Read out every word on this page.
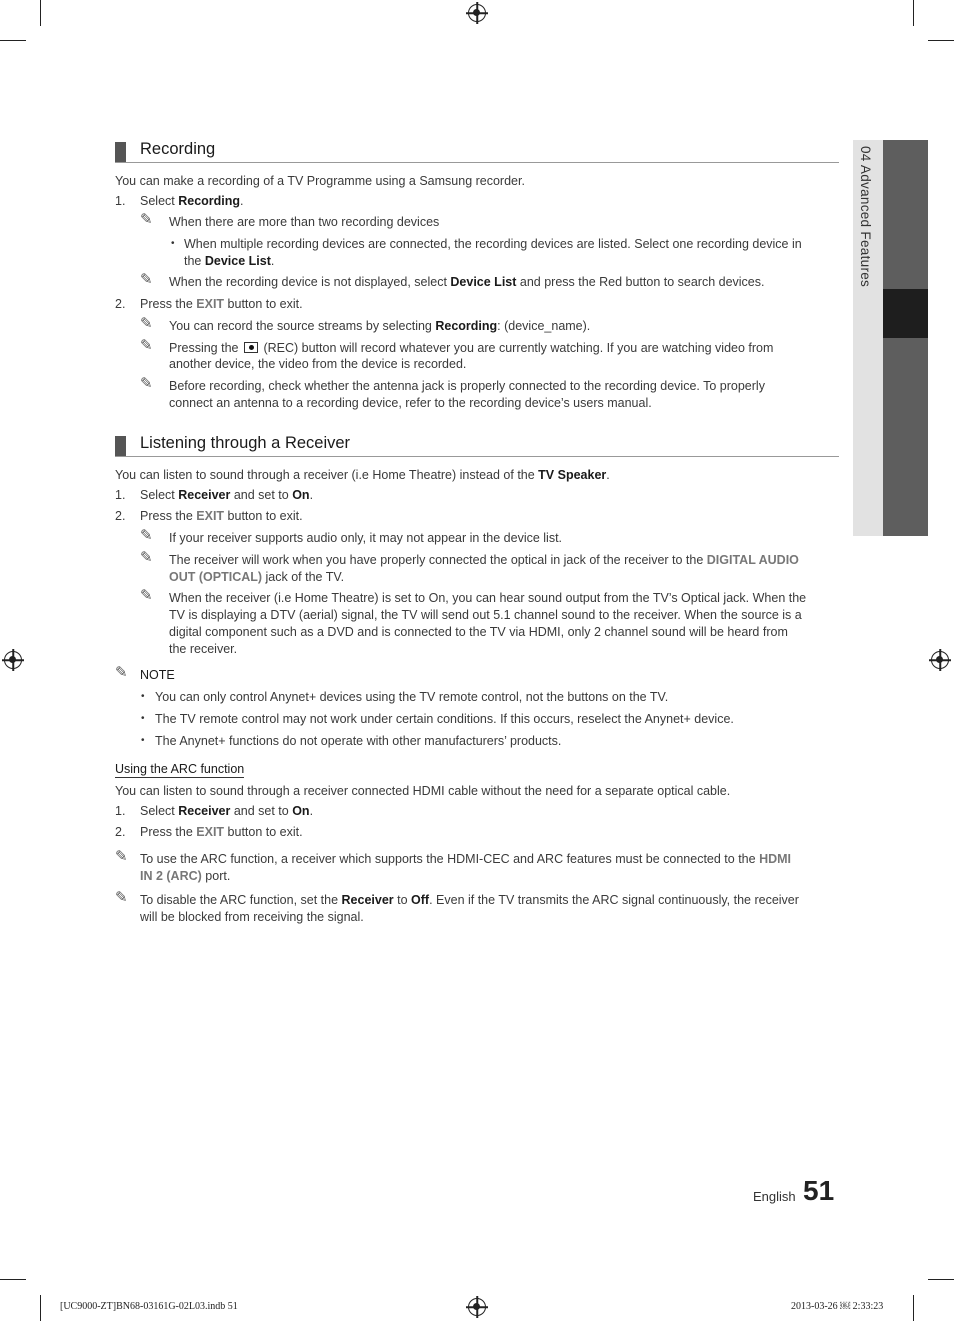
04 Advanced Features
Recording
You can make a recording of a TV Programme using a Samsung recorder.
1. Select Recording.
✎ When there are more than two recording devices
• When multiple recording devices are connected, the recording devices are listed. Select one recording device in
the Device List.
✎ When the recording device is not displayed, select Device List and press the Red button to search devices.
2. Press the EXIT button to exit.
✎ You can record the source streams by selecting Recording: (device_name).
✎ Pressing the (REC) button will record whatever you are currently watching. If you are watching video from
another device, the video from the device is recorded.
✎ Before recording, check whether the antenna jack is properly connected to the recording device. To properly
connect an antenna to a recording device, refer to the recording device’s users manual.
Listening through a Receiver
You can listen to sound through a receiver (i.e Home Theatre) instead of the TV Speaker.
1. Select Receiver and set to On.
2. Press the EXIT button to exit.
✎ If your receiver supports audio only, it may not appear in the device list.
✎ The receiver will work when you have properly connected the optical in jack of the receiver to the DIGITAL AUDIO
OUT (OPTICAL) jack of the TV.
✎ When the receiver (i.e Home Theatre) is set to On, you can hear sound output from the TV’s Optical jack. When the
TV is displaying a DTV (aerial) signal, the TV will send out 5.1 channel sound to the receiver. When the source is a
digital component such as a DVD and is connected to the TV via HDMI, only 2 channel sound will be heard from
the receiver.
✎ NOTE
• You can only control Anynet+ devices using the TV remote control, not the buttons on the TV.
• The TV remote control may not work under certain conditions. If this occurs, reselect the Anynet+ device.
• The Anynet+ functions do not operate with other manufacturers’ products.
Using the ARC function
You can listen to sound through a receiver connected HDMI cable without the need for a separate optical cable.
1. Select Receiver and set to On.
2. Press the EXIT button to exit.
✎ To use the ARC function, a receiver which supports the HDMI-CEC and ARC features must be connected to the HDMI
IN 2 (ARC) port.
✎ To disable the ARC function, set the Receiver to Off. Even if the TV transmits the ARC signal continuously, the receiver
will be blocked from receiving the signal.
English 51
[UC9000-ZT]BN68-03161G-02L03.indb 51	2013-03-26 ￼ 2:33:23
